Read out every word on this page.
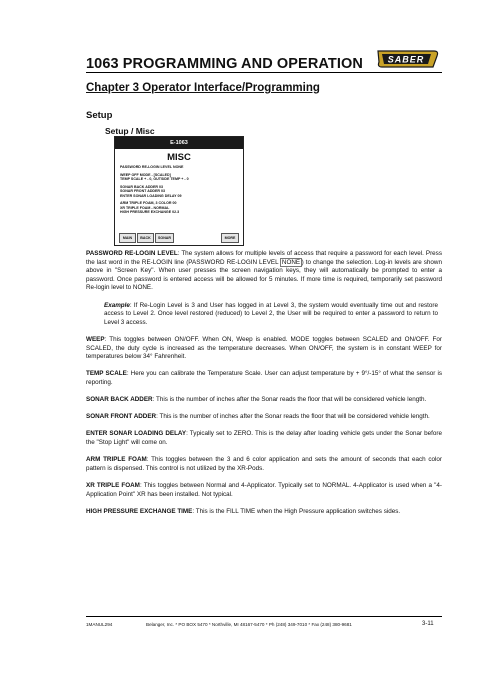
1063 PROGRAMMING AND OPERATION	SABER
Chapter 3 Operator Interface/Programming
Setup
Setup / Misc
E-1063
MISC
PASSWORD RE-LOGIN LEVEL NONE
WEEP OFF MODE - [SCALED]
TEMP SCALE + - 0, OUTSIDE TEMP + - 0
SONAR BACK ADDER 03
SONAR FRONT ADDER 03
ENTER SONAR LOADING DELAY 09
ARM TRIPLE FOAM, 3 COLOR 00
XR TRIPLE FOAM - NORMAL
HIGH PRESSURE EXCHANGE 02.3
MAIN	BACK	SONAR	MORE

PASSWORD RE-LOGIN LEVEL: The system allows for multiple levels of access that require a password for each level. Press the last word in the RE-LOGIN line (PASSWORD RE-LOGIN LEVEL NONE ) to change the selection. Log-in levels are shown above in "Screen Key". When user presses the screen navigation keys, they will automatically be prompted to enter a password. Once password is entered access will be allowed for 5 minutes. If more time is required, temporarily set password Re-login level to NONE.

Example: If Re-Login Level is 3 and User has logged in at Level 3, the system would eventually time out and restore access to Level 2. Once level restored (reduced) to Level 2, the User will be required to enter a password to return to Level 3 access.

WEEP: This toggles between ON/OFF. When ON, Weep is enabled. MODE toggles between SCALED and ON/OFF. For SCALED, the duty cycle is increased as the temperature decreases. When ON/OFF, the system is in constant WEEP for temperatures below 34° Fahrenheit.

TEMP SCALE: Here you can calibrate the Temperature Scale. User can adjust temperature by + 9°/-15° of what the sensor is reporting.

SONAR BACK ADDER: This is the number of inches after the Sonar reads the floor that will be considered vehicle length.

SONAR FRONT ADDER: This is the number of inches after the Sonar reads the floor that will be considered vehicle length.

ENTER SONAR LOADING DELAY: Typically set to ZERO. This is the delay after loading vehicle gets under the Sonar before the "Stop Light" will come on.

ARM TRIPLE FOAM: This toggles between the 3 and 6 color application and sets the amount of seconds that each color pattern is dispensed. This control is not utilized by the XR-Pods.

XR TRIPLE FOAM: This toggles between Normal and 4-Applicator. Typically set to NORMAL. 4-Applicator is used when a "4-Application Point" XR has been installed. Not typical.

HIGH PRESSURE EXCHANGE TIME: This is the FILL TIME when the High Pressure application switches sides.

1MANUL294	Belanger, Inc. * PO BOX 5470 * Northville, MI 48167-5470 * Ph (248) 349-7010 * Fax (248) 380-9681	3-11
